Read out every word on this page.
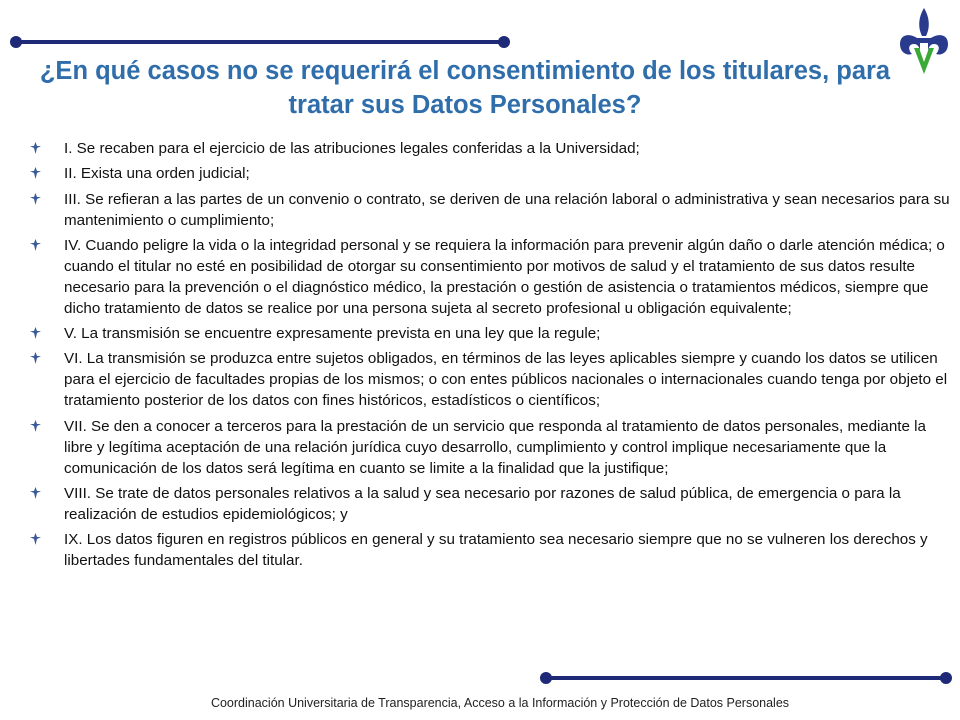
¿En qué casos no se requerirá el consentimiento de los titulares, para tratar sus Datos Personales?
I. Se recaben para el ejercicio de las atribuciones legales conferidas a la Universidad;
II. Exista una orden judicial;
III. Se refieran a las partes de un convenio o contrato, se deriven de una relación laboral o administrativa y sean necesarios para su mantenimiento o cumplimiento;
IV. Cuando peligre la vida o la integridad personal y se requiera la información para prevenir algún daño o darle atención médica; o cuando el titular no esté en posibilidad de otorgar su consentimiento por motivos de salud y el tratamiento de sus datos resulte necesario para la prevención o el diagnóstico médico, la prestación o gestión de asistencia o tratamientos médicos, siempre que dicho tratamiento de datos se realice por una persona sujeta al secreto profesional u obligación equivalente;
V. La transmisión se encuentre expresamente prevista en una ley que la regule;
VI. La transmisión se produzca entre sujetos obligados, en términos de las leyes aplicables siempre y cuando los datos se utilicen para el ejercicio de facultades propias de los mismos; o con entes públicos nacionales o internacionales cuando tenga por objeto el tratamiento posterior de los datos con fines históricos, estadísticos o científicos;
VII. Se den a conocer a terceros para la prestación de un servicio que responda al tratamiento de datos personales, mediante la libre y legítima aceptación de una relación jurídica cuyo desarrollo, cumplimiento y control implique necesariamente que la comunicación de los datos será legítima en cuanto se limite a la finalidad que la justifique;
VIII. Se trate de datos personales relativos a la salud y sea necesario por razones de salud pública, de emergencia o para la realización de estudios epidemiológicos; y
IX. Los datos figuren en registros públicos en general y su tratamiento sea necesario siempre que no se vulneren los derechos y libertades fundamentales del titular.
Coordinación Universitaria de Transparencia, Acceso a la Información y Protección de Datos Personales
